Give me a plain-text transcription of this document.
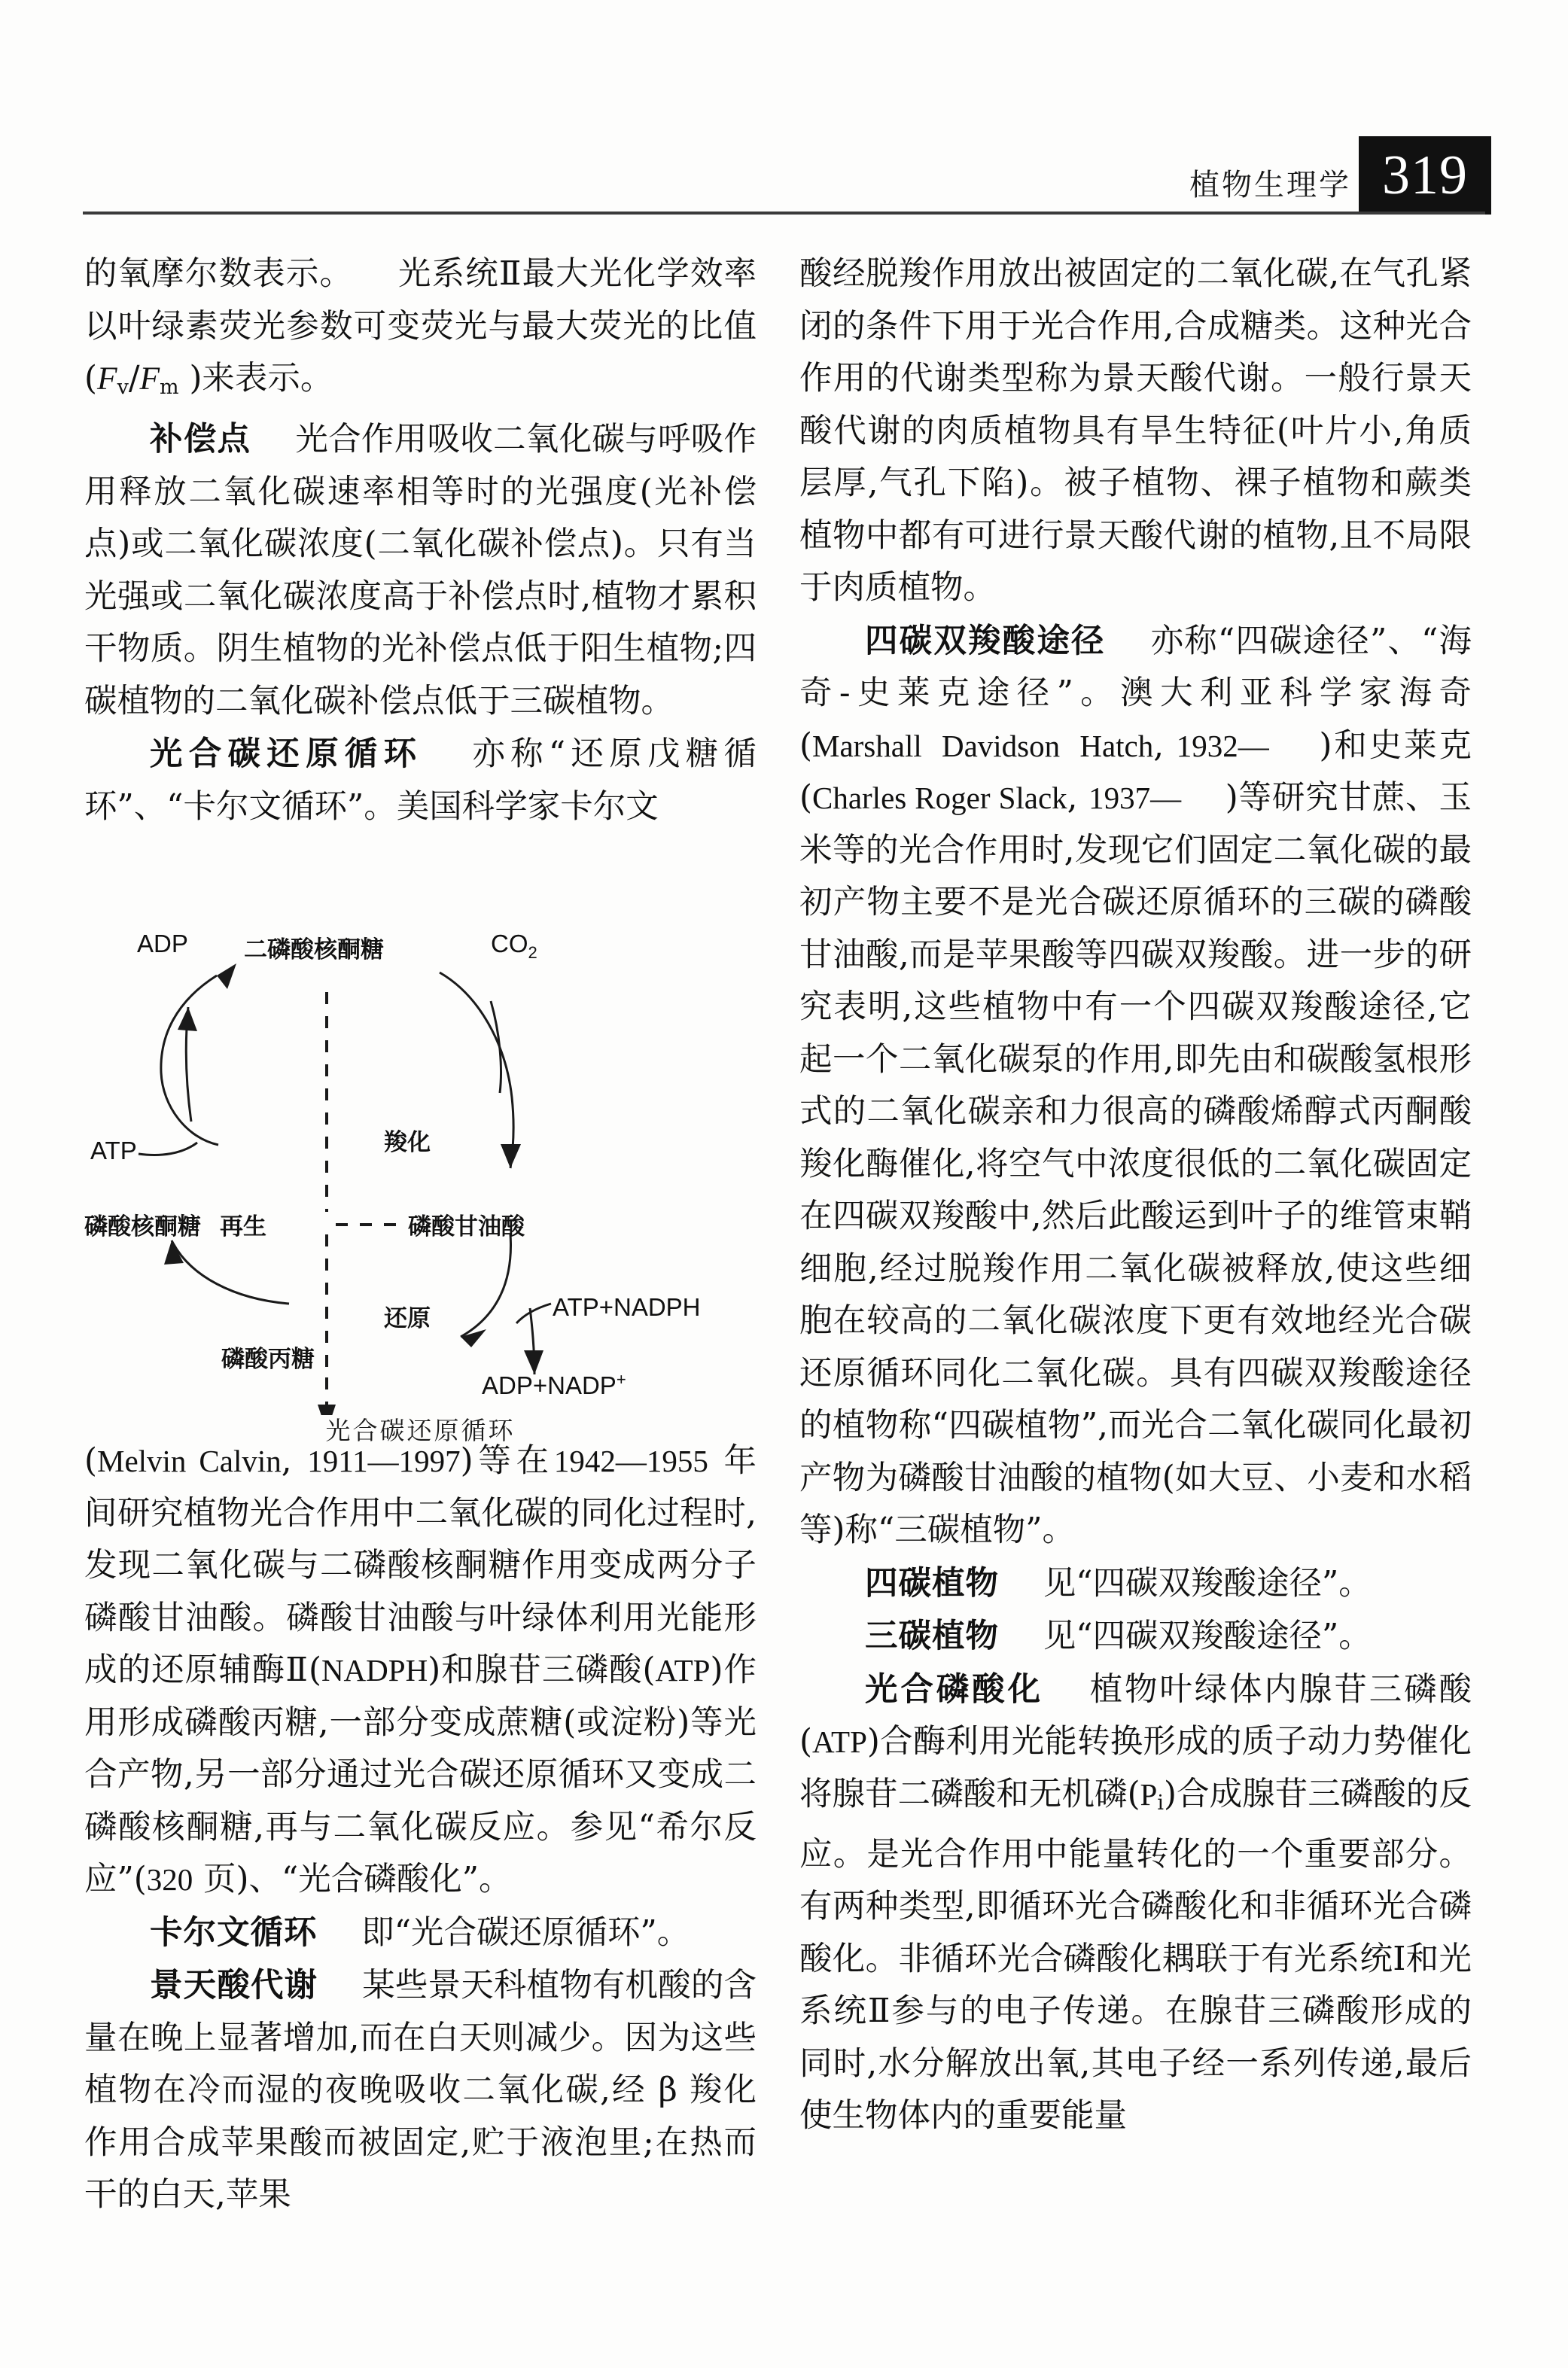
植物生理学 319

的氧摩尔数表示。 光系统Ⅱ最大光化学效率以叶绿素荧光参数可变荧光与最大荧光的比值($F_v/F_m$ )来表示。

补偿点 光合作用吸收二氧化碳与呼吸作用释放二氧化碳速率相等时的光强度(光补偿点)或二氧化碳浓度(二氧化碳补偿点)。只有当光强或二氧化碳浓度高于补偿点时,植物才累积干物质。阴生植物的光补偿点低于阳生植物;四碳植物的二氧化碳补偿点低于三碳植物。

光合碳还原循环 亦称“还原戊糖循环”、“卡尔文循环”。美国科学家卡尔文

(Melvin Calvin, 1911—1997)等在1942—1955 年间研究植物光合作用中二氧化碳的同化过程时,发现二氧化碳与二磷酸核酮糖作用变成两分子磷酸甘油酸。磷酸甘油酸与叶绿体利用光能形成的还原辅酶Ⅱ(NADPH)和腺苷三磷酸(ATP)作用形成磷酸丙糖,一部分变成蔗糖(或淀粉)等光合产物,另一部分通过光合碳还原循环又变成二磷酸核酮糖,再与二氧化碳反应。参见“希尔反应”(320 页)、“光合磷酸化”。

卡尔文循环 即“光合碳还原循环”。

景天酸代谢 某些景天科植物有机酸的含量在晚上显著增加,而在白天则减少。因为这些植物在冷而湿的夜晚吸收二氧化碳,经 β 羧化作用合成苹果酸而被固定,贮于液泡里;在热而干的白天,苹果

ADP 二磷酸核酮糖	$CO_2$
ATP	羧化
磷酸核酮糖 再生	磷酸甘油酸
还原	ATP+NADPH
磷酸丙糖
ADP+NADP+
光合碳还原循环

酸经脱羧作用放出被固定的二氧化碳,在气孔紧闭的条件下用于光合作用,合成糖类。这种光合作用的代谢类型称为景天酸代谢。一般行景天酸代谢的肉质植物具有旱生特征(叶片小,角质层厚,气孔下陷)。被子植物、裸子植物和蕨类植物中都有可进行景天酸代谢的植物,且不局限于肉质植物。

四碳双羧酸途径 亦称“四碳途径”、“海奇-史莱克途径”。澳大利亚科学家海奇(Marshall  Davidson  Hatch, 1932—    )和史莱克(Charles Roger Slack, 1937—    )等研究甘蔗、玉米等的光合作用时,发现它们固定二氧化碳的最初产物主要不是光合碳还原循环的三碳的磷酸甘油酸,而是苹果酸等四碳双羧酸。进一步的研究表明,这些植物中有一个四碳双羧酸途径,它起一个二氧化碳泵的作用,即先由和碳酸氢根形式的二氧化碳亲和力很高的磷酸烯醇式丙酮酸羧化酶催化,将空气中浓度很低的二氧化碳固定在四碳双羧酸中,然后此酸运到叶子的维管束鞘细胞,经过脱羧作用二氧化碳被释放,使这些细胞在较高的二氧化碳浓度下更有效地经光合碳还原循环同化二氧化碳。具有四碳双羧酸途径的植物称“四碳植物”,而光合二氧化碳同化最初产物为磷酸甘油酸的植物(如大豆、小麦和水稻等)称“三碳植物”。

四碳植物 见“四碳双羧酸途径”。

三碳植物 见“四碳双羧酸途径”。

光合磷酸化 植物叶绿体内腺苷三磷酸(ATP)合酶利用光能转换形成的质子动力势催化将腺苷二磷酸和无机磷$(P_i)$合成腺苷三磷酸的反应。是光合作用中能量转化的一个重要部分。有两种类型,即循环光合磷酸化和非循环光合磷酸化。非循环光合磷酸化耦联于有光系统Ⅰ和光系统Ⅱ参与的电子传递。在腺苷三磷酸形成的同时,水分解放出氧,其电子经一系列传递,最后使生物体内的重要能量
